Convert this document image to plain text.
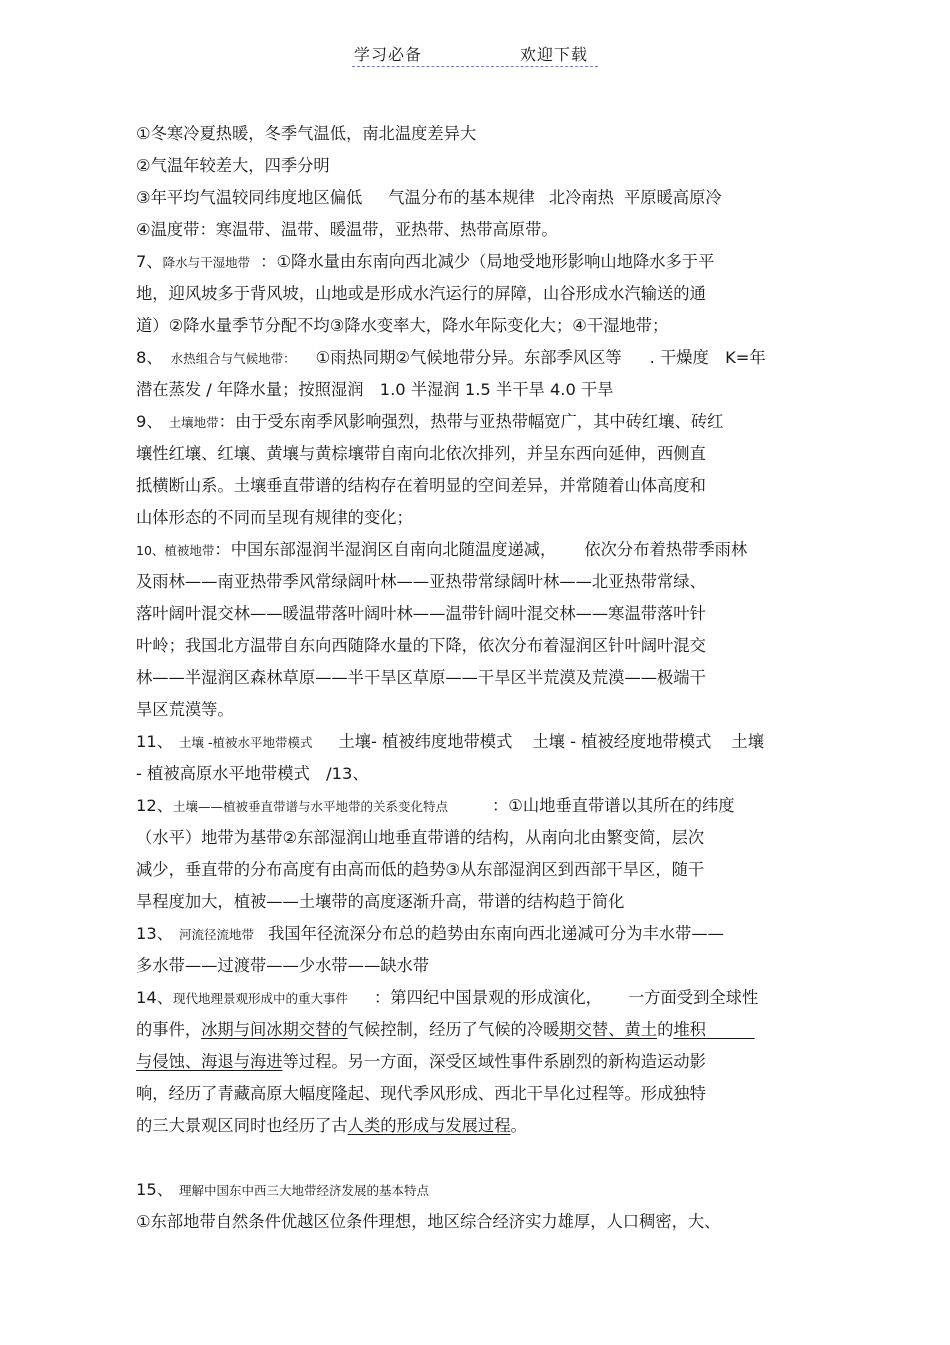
学习必备	欢迎下载
①冬寒冷夏热暖，冬季气温低，南北温度差异大
②气温年较差大，四季分明
③年平均气温较同纬度地区偏低 气温分布的基本规律 北冷南热 平原暖高原冷
④温度带：寒温带、温带、暖温带，亚热带、热带高原带。
7、降水与干湿地带 ：①降水量由东南向西北减少（局地受地形影响山地降水多于平
地，迎风坡多于背风坡，山地或是形成水汽运行的屏障，山谷形成水汽输送的通
道）②降水量季节分配不均③降水变率大，降水年际变化大；④干湿地带；
8、 水热组合与气候地带： ①雨热同期②气候地带分异。东部季风区等 . 干燥度　K=年
潜在蒸发 / 年降水量；按照湿润　1.0 半湿润 1.5 半干旱 4.0 干旱
9、 土壤地带：由于受东南季风影响强烈，热带与亚热带幅宽广，其中砖红壤、砖红
壤性红壤、红壤、黄壤与黄棕壤带自南向北依次排列，并呈东西向延伸，西侧直
抵横断山系。土壤垂直带谱的结构存在着明显的空间差异，并常随着山体高度和
山体形态的不同而呈现有规律的变化；
10、植被地带：中国东部湿润半湿润区自南向北随温度递减， 依次分布着热带季雨林
及雨林——南亚热带季风常绿阔叶林——亚热带常绿阔叶林——北亚热带常绿、
落叶阔叶混交林——暖温带落叶阔叶林——温带针阔叶混交林——寒温带落叶针
叶岭；我国北方温带自东向西随降水量的下降，依次分布着湿润区针叶阔叶混交
林——半湿润区森林草原——半干旱区草原——干旱区半荒漠及荒漠——极端干
旱区荒漠等。
11、 土壤 -植被水平地带模式 土壤- 植被纬度地带模式 土壤 - 植被经度地带模式 土壤
- 植被高原水平地带模式　/13、
12、土壤——植被垂直带谱与水平地带的关系变化特点	：①山地垂直带谱以其所在的纬度
（水平）地带为基带②东部湿润山地垂直带谱的结构，从南向北由繁变简，层次
减少，垂直带的分布高度有由高而低的趋势③从东部湿润区到西部干旱区，随干
旱程度加大，植被——土壤带的高度逐渐升高，带谱的结构趋于简化
13、 河流径流地带 我国年径流深分布总的趋势由东南向西北递减可分为丰水带——
多水带——过渡带——少水带——缺水带
14、现代地理景观形成中的重大事件 ：第四纪中国景观的形成演化， 一方面受到全球性
的事件，冰期与间冰期交替的气候控制，经历了气候的冷暖期交替、黄土的堆积　　　
与侵蚀、海退与海进等过程。另一方面，深受区域性事件系剧烈的新构造运动影
响，经历了青藏高原大幅度隆起、现代季风形成、西北干旱化过程等。形成独特
的三大景观区同时也经历了古人类的形成与发展过程。
15、 理解中国东中西三大地带经济发展的基本特点
①东部地带自然条件优越区位条件理想，地区综合经济实力雄厚，人口稠密，大、
